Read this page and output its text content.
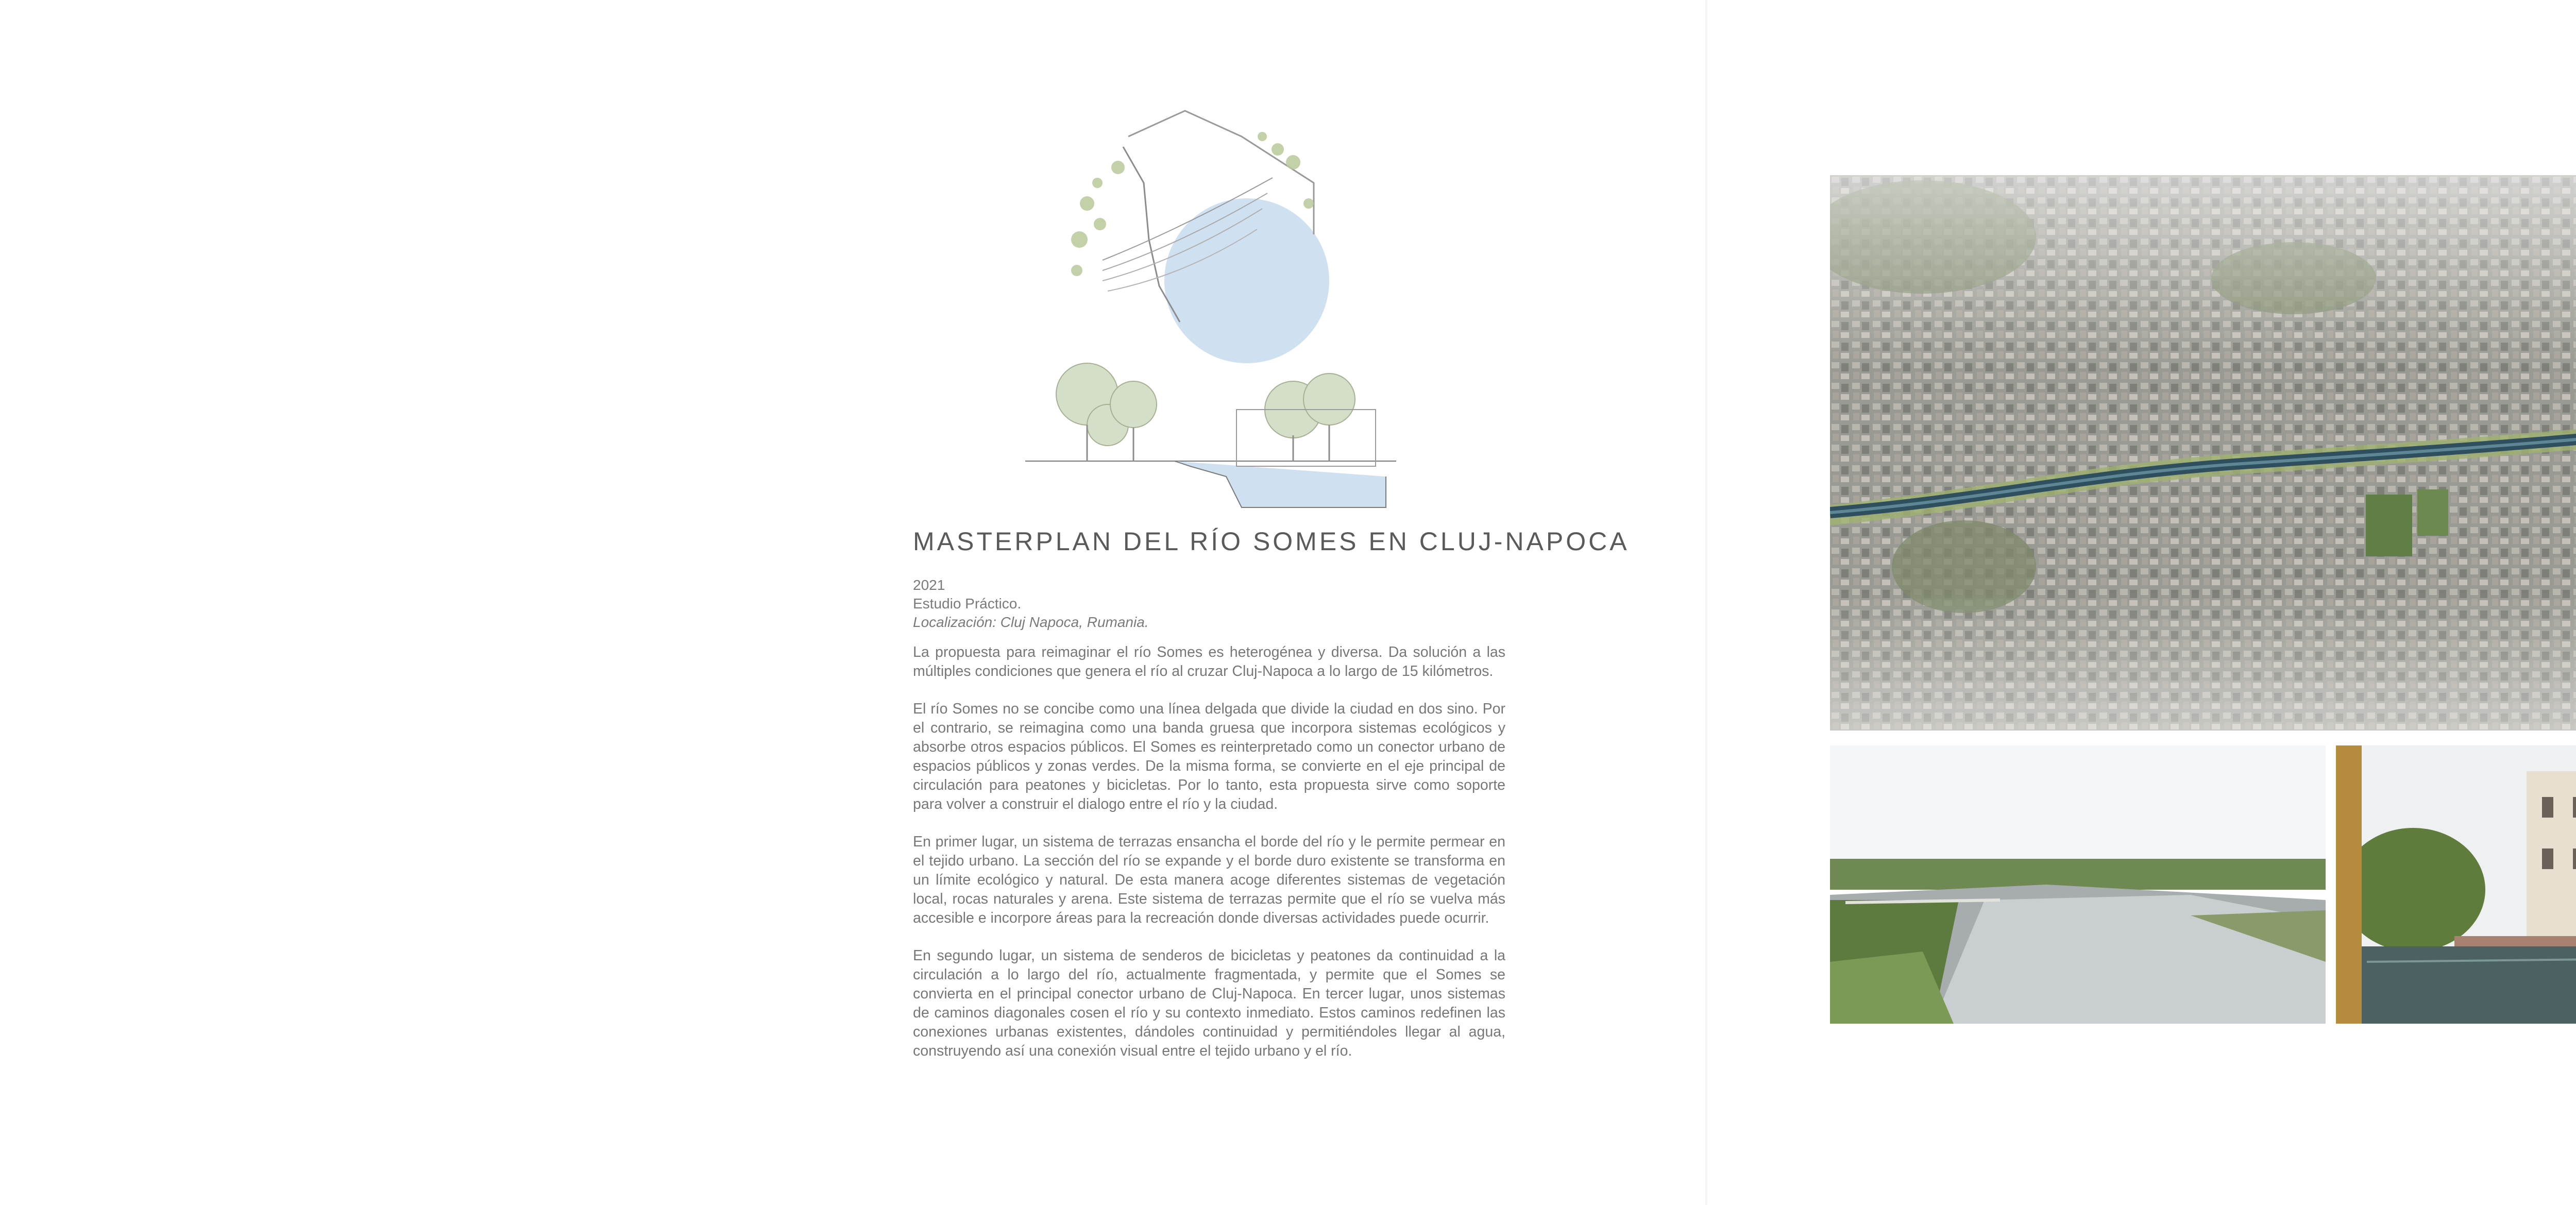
MASTERPLAN DEL RÍO SOMES EN CLUJ-NAPOCA
2021
Estudio Práctico.
Localización: Cluj Napoca, Rumania.

La propuesta para reimaginar el río Somes es heterogénea y diversa. Da solución a las múltiples condiciones que genera el río al cruzar Cluj-Napoca a lo largo de 15 kilómetros.

El río Somes no se concibe como una línea delgada que divide la ciudad en dos sino. Por el contrario, se reimagina como una banda gruesa que incorpora sistemas ecológicos y absorbe otros espacios públicos. El Somes es reinterpretado como un conector urbano de espacios públicos y zonas verdes. De la misma forma, se convierte en el eje principal de circulación para peatones y bicicletas. Por lo tanto, esta propuesta sirve como soporte para volver a construir el dialogo entre el río y la ciudad.

En primer lugar, un sistema de terrazas ensancha el borde del río y le permite permear en el tejido urbano. La sección del río se expande y el borde duro existente se transforma en un límite ecológico y natural. De esta manera acoge diferentes sistemas de vegetación local, rocas naturales y arena. Este sistema de terrazas permite que el río se vuelva más accesible e incorpore áreas para la recreación donde diversas actividades puede ocurrir.

En segundo lugar, un sistema de senderos de bicicletas y peatones da continuidad a la circulación a lo largo del río, actualmente fragmentada, y permite que el Somes se convierta en el principal conector urbano de Cluj-Napoca. En tercer lugar, unos sistemas de caminos diagonales cosen el río y su contexto inmediato. Estos caminos redefinen las conexiones urbanas existentes, dándoles continuidad y permitiéndoles llegar al agua, construyendo así una conexión visual entre el tejido urbano y el río.
